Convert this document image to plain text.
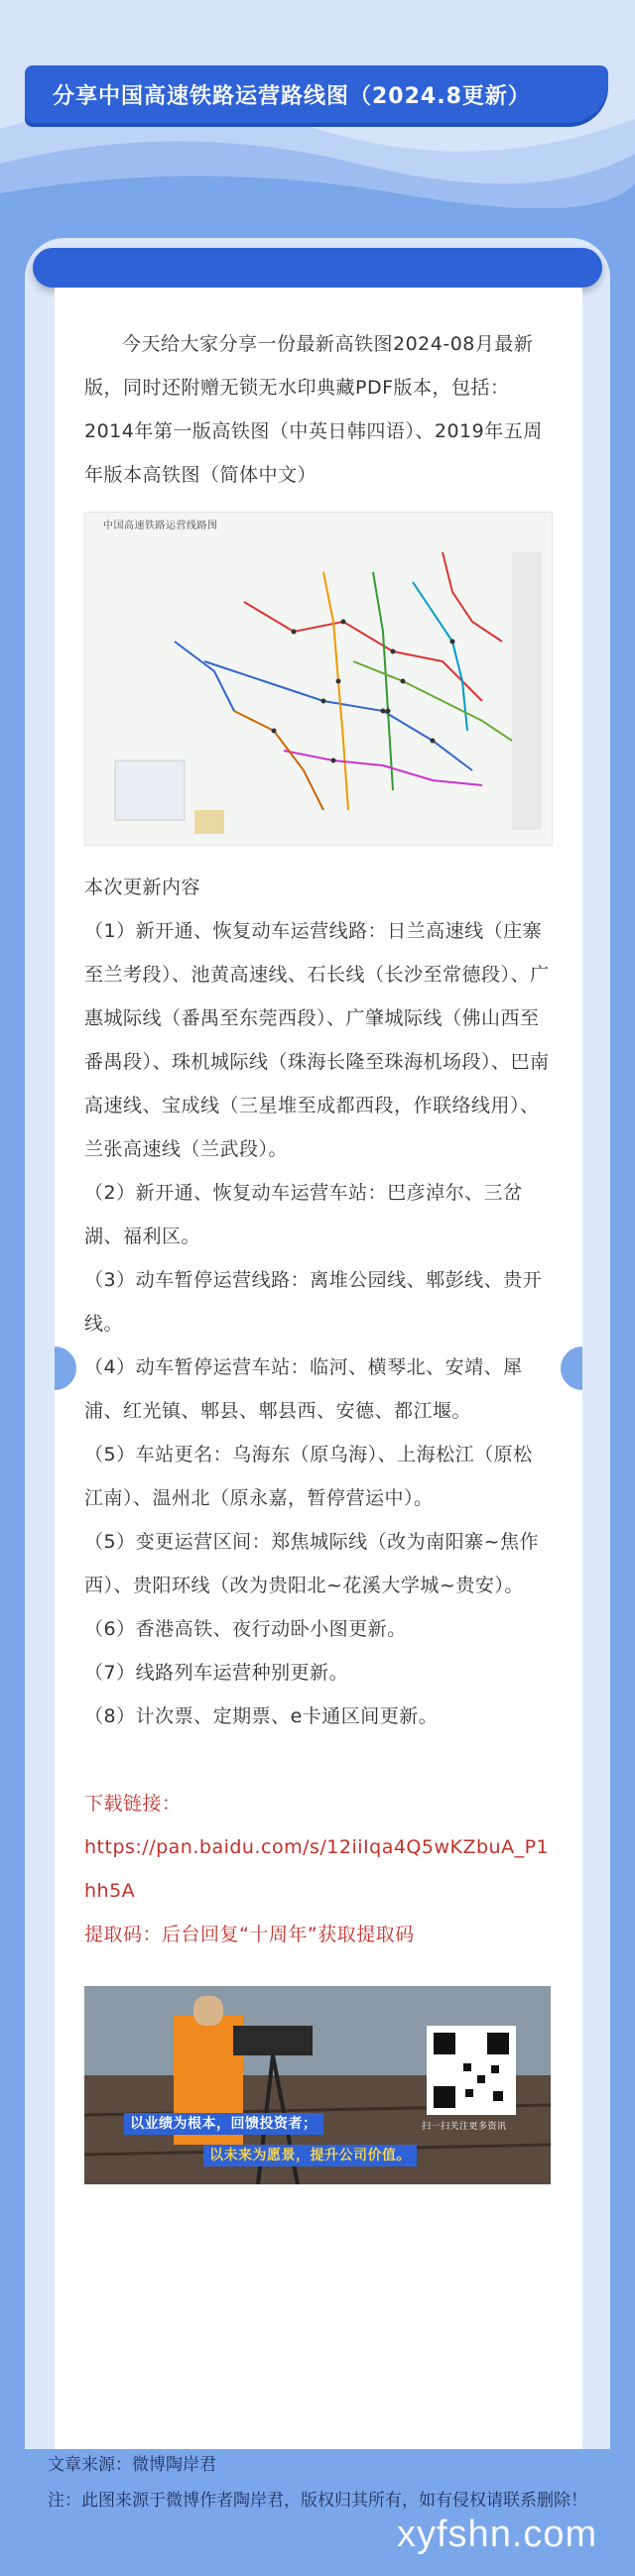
分享中国高速铁路运营路线图（2024.8更新）

今天给大家分享一份最新高铁图2024-08月最新版，同时还附赠无锁无水印典藏PDF版本，包括：2014年第一版高铁图（中英日韩四语）、2019年五周年版本高铁图（简体中文）

中国高速铁路运营线路图

本次更新内容

（1）新开通、恢复动车运营线路：日兰高速线（庄寨至兰考段）、池黄高速线、石长线（长沙至常德段）、广惠城际线（番禺至东莞西段）、广肇城际线（佛山西至番禺段）、珠机城际线（珠海长隆至珠海机场段）、巴南高速线、宝成线（三星堆至成都西段，作联络线用）、兰张高速线（兰武段）。

（2）新开通、恢复动车运营车站：巴彦淖尔、三岔湖、福利区。

（3）动车暂停运营线路：离堆公园线、郫彭线、贵开线。

（4）动车暂停运营车站：临河、横琴北、安靖、犀浦、红光镇、郫县、郫县西、安德、都江堰。

（5）车站更名：乌海东（原乌海）、上海松江（原松江南）、温州北（原永嘉，暂停营运中）。

（5）变更运营区间：郑焦城际线（改为南阳寨~焦作西）、贵阳环线（改为贵阳北~花溪大学城~贵安）。

（6）香港高铁、夜行动卧小图更新。

（7）线路列车运营种别更新。

（8）计次票、定期票、e卡通区间更新。

下载链接：

https://pan.baidu.com/s/12iiIqa4Q5wKZbuA_P1hh5A

提取码：后台回复“十周年”获取提取码

以业绩为根本，回馈投资者；
以未来为愿景，提升公司价值。
扫一扫关注更多资讯

文章来源：微博陶岸君

注：此图来源于微博作者陶岸君，版权归其所有，如有侵权请联系删除！

xyfshn.com
